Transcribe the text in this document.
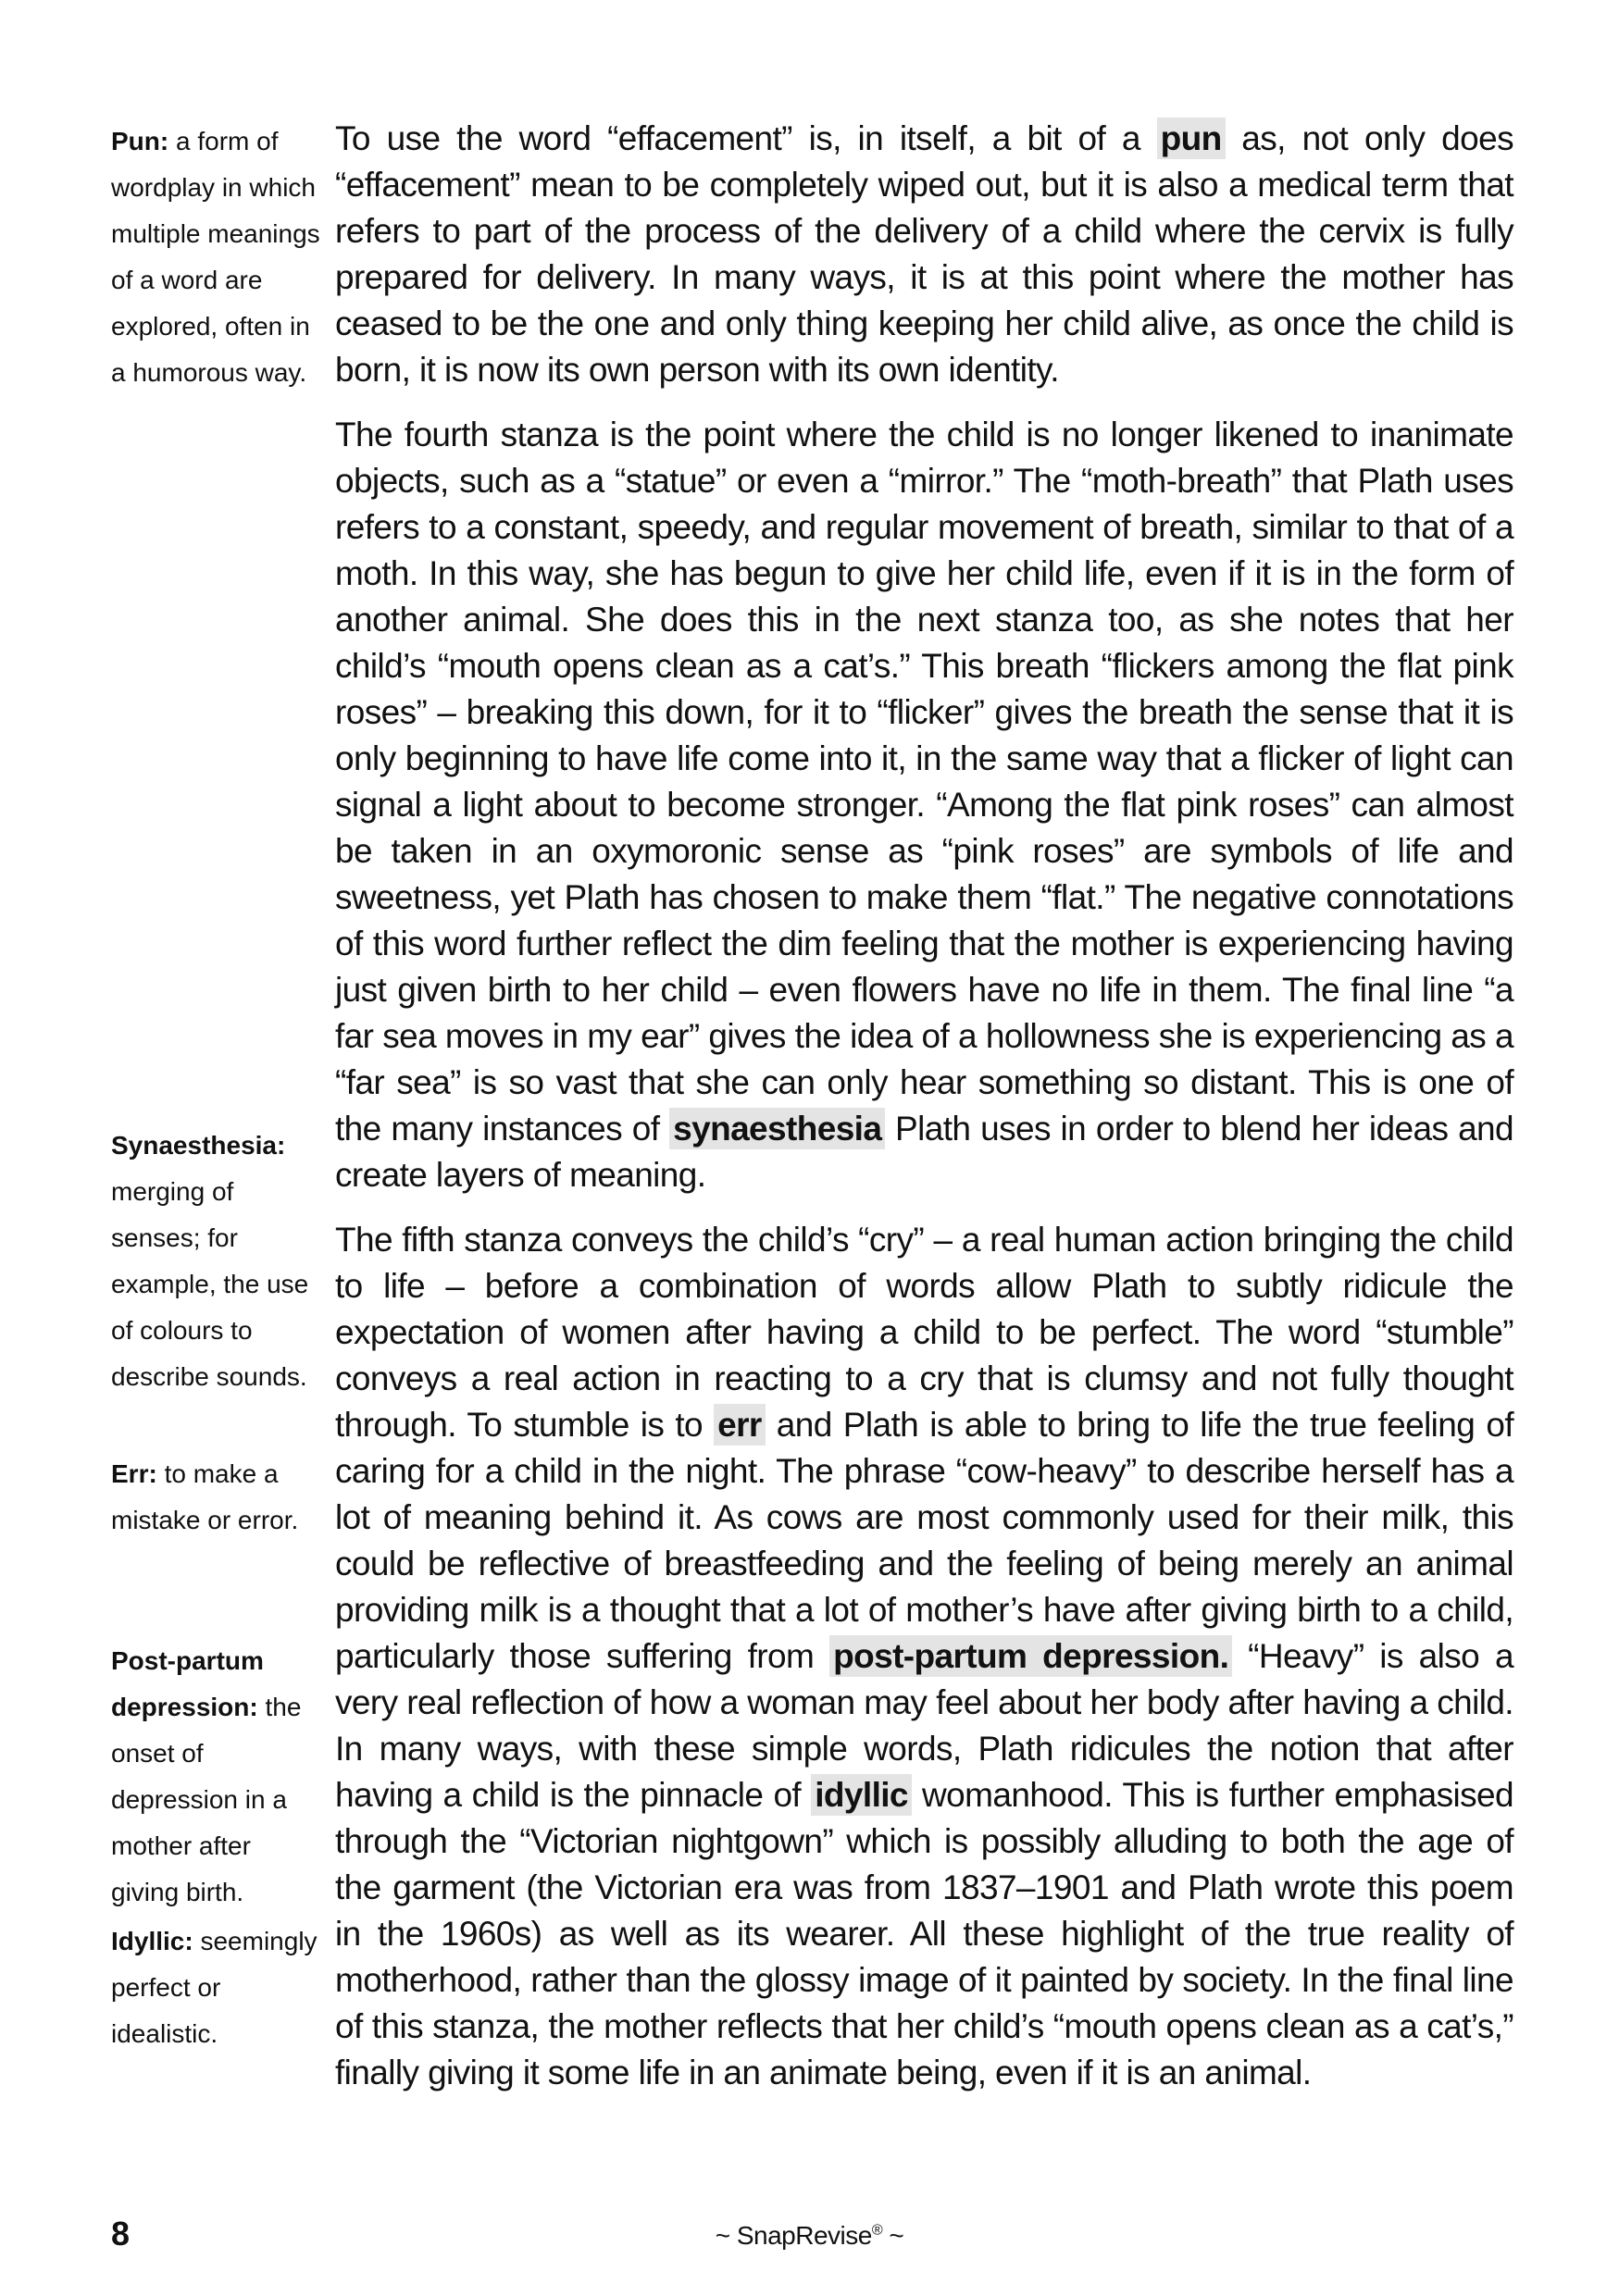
Pun: a form of wordplay in which multiple meanings of a word are explored, often in a humorous way.
Synaesthesia: merging of senses; for example, the use of colours to describe sounds.
Err: to make a mistake or error.
Post-partum depression: the onset of depression in a mother after giving birth.
Idyllic: seemingly perfect or idealistic.

To use the word “effacement” is, in itself, a bit of a pun as, not only does “effacement” mean to be completely wiped out, but it is also a medical term that refers to part of the process of the delivery of a child where the cervix is fully prepared for delivery. In many ways, it is at this point where the mother has ceased to be the one and only thing keeping her child alive, as once the child is born, it is now its own person with its own identity.

The fourth stanza is the point where the child is no longer likened to inanimate objects, such as a “statue” or even a “mirror.” The “moth-breath” that Plath uses refers to a constant, speedy, and regular movement of breath, similar to that of a moth. In this way, she has begun to give her child life, even if it is in the form of another animal. She does this in the next stanza too, as she notes that her child’s “mouth opens clean as a cat’s.” This breath “flickers among the flat pink roses” – breaking this down, for it to “flicker” gives the breath the sense that it is only beginning to have life come into it, in the same way that a flicker of light can signal a light about to become stronger. “Among the flat pink roses” can almost be taken in an oxymoronic sense as “pink roses” are symbols of life and sweetness, yet Plath has chosen to make them “flat.” The negative connotations of this word further reflect the dim feeling that the mother is experiencing having just given birth to her child – even flowers have no life in them. The final line “a far sea moves in my ear” gives the idea of a hollowness she is experiencing as a “far sea” is so vast that she can only hear something so distant. This is one of the many instances of synaesthesia Plath uses in order to blend her ideas and create layers of meaning.

The fifth stanza conveys the child’s “cry” – a real human action bringing the child to life – before a combination of words allow Plath to subtly ridicule the expectation of women after having a child to be perfect. The word “stumble” conveys a real action in reacting to a cry that is clumsy and not fully thought through. To stumble is to err and Plath is able to bring to life the true feeling of caring for a child in the night. The phrase “cow-heavy” to describe herself has a lot of meaning behind it. As cows are most commonly used for their milk, this could be reflective of breastfeeding and the feeling of being merely an animal providing milk is a thought that a lot of mother’s have after giving birth to a child, particularly those suffering from post-partum depression. “Heavy” is also a very real reflection of how a woman may feel about her body after having a child. In many ways, with these simple words, Plath ridicules the notion that after having a child is the pinnacle of idyllic womanhood. This is further emphasised through the “Victorian nightgown” which is possibly alluding to both the age of the garment (the Victorian era was from 1837–1901 and Plath wrote this poem in the 1960s) as well as its wearer. All these highlight of the true reality of motherhood, rather than the glossy image of it painted by society. In the final line of this stanza, the mother reflects that her child’s “mouth opens clean as a cat’s,” finally giving it some life in an animate being, even if it is an animal.

8	~ SnapRevise® ~
